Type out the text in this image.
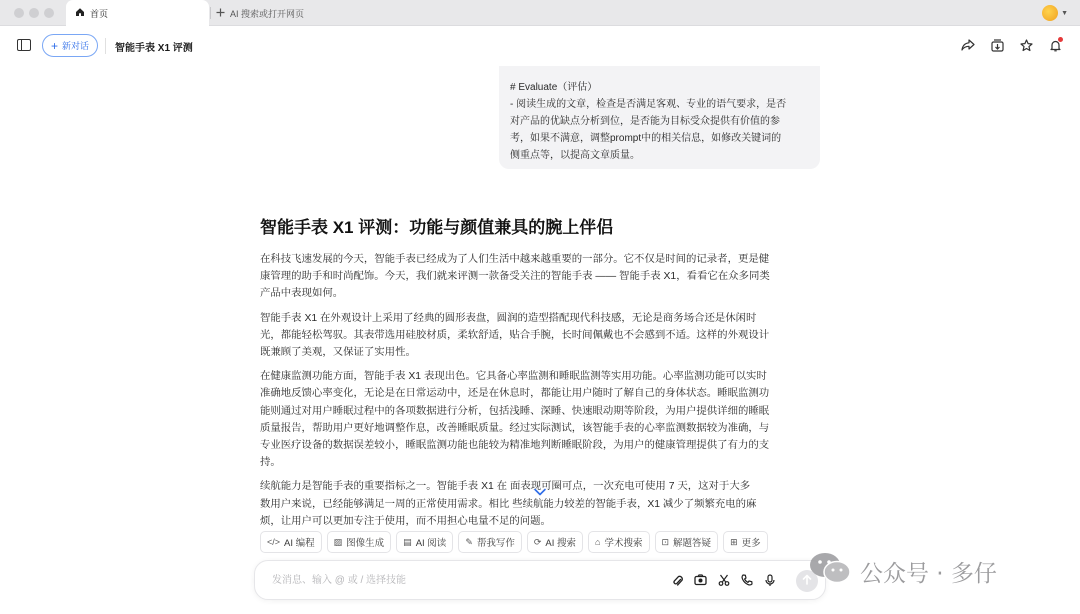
首页	AI 搜索或打开网页	▼
+ 新对话	智能手表 X1 评测
# Evaluate（评估）
- 阅读生成的文章，检查是否满足客观、专业的语气要求，是否
对产品的优缺点分析到位，是否能为目标受众提供有价值的参
考，如果不满意，调整prompt中的相关信息，如修改关键词的
侧重点等，以提高文章质量。
智能手表 X1 评测：功能与颜值兼具的腕上伴侣
在科技飞速发展的今天，智能手表已经成为了人们生活中越来越重要的一部分。它不仅是时间的记录者，更是健
康管理的助手和时尚配饰。今天，我们就来评测一款备受关注的智能手表 —— 智能手表 X1，看看它在众多同类
产品中表现如何。
智能手表 X1 在外观设计上采用了经典的圆形表盘，圆润的造型搭配现代科技感，无论是商务场合还是休闲时
光，都能轻松驾驭。其表带选用硅胶材质，柔软舒适，贴合手腕，长时间佩戴也不会感到不适。这样的外观设计
既兼顾了美观，又保证了实用性。
在健康监测功能方面，智能手表 X1 表现出色。它具备心率监测和睡眠监测等实用功能。心率监测功能可以实时
准确地反馈心率变化，无论是在日常运动中，还是在休息时，都能让用户随时了解自己的身体状态。睡眠监测功
能则通过对用户睡眠过程中的各项数据进行分析，包括浅睡、深睡、快速眼动期等阶段，为用户提供详细的睡眠
质量报告，帮助用户更好地调整作息，改善睡眠质量。经过实际测试，该智能手表的心率监测数据较为准确，与
专业医疗设备的数据误差较小，睡眠监测功能也能较为精准地判断睡眠阶段，为用户的健康管理提供了有力的支
持。
续航能力是智能手表的重要指标之一。智能手表 X1 在 面表现可圈可点，一次充电可使用 7 天，这对于大多
数用户来说，已经能够满足一周的正常使用需求。相比 些续航能力较差的智能手表，X1 减少了频繁充电的麻
烦，让用户可以更加专注于使用，而不用担心电量不足的问题。
</> AI 编程 ▨ 图像生成 ▤ AI 阅读 ✎ 帮我写作 ⟳ AI 搜索 ⌂ 学术搜索 ⊡ 解题答疑 ⊞ 更多
发消息、输入 @ 或 / 选择技能
公众号 · 多仔
